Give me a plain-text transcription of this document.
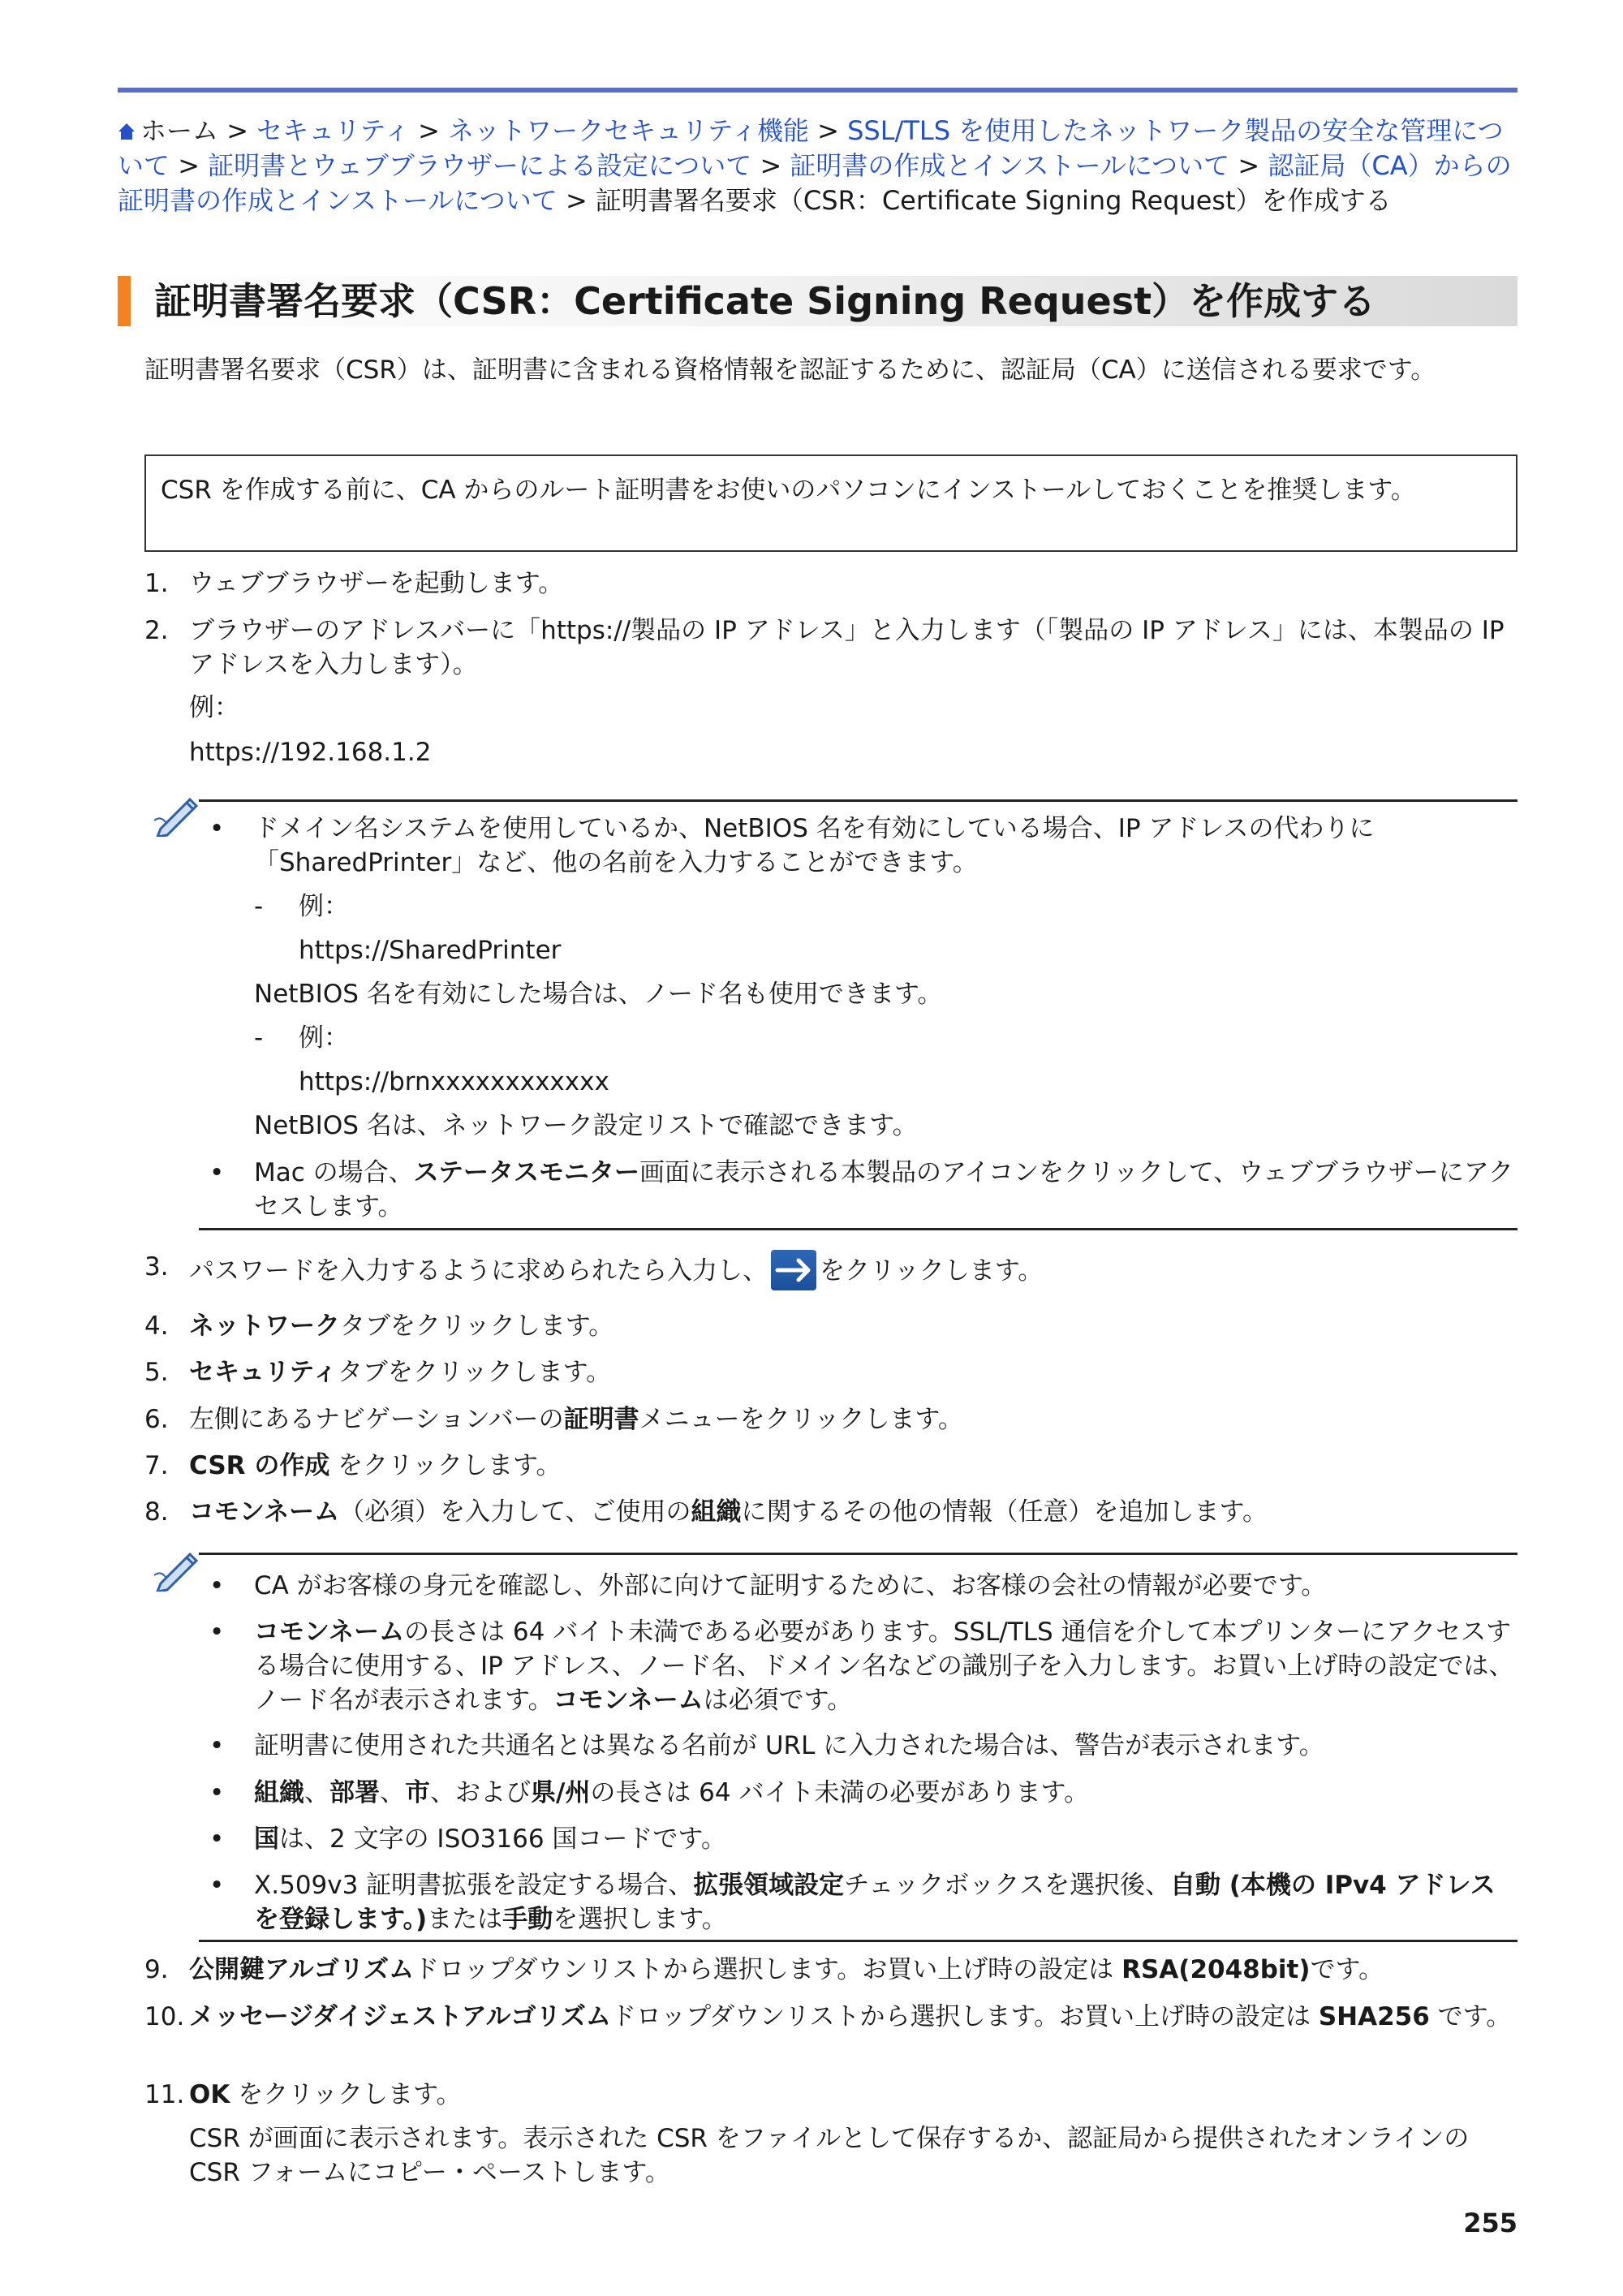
ホーム > セキュリティ > ネットワークセキュリティ機能 > SSL/TLS を使用したネットワーク製品の安全な管理について > 証明書とウェブブラウザーによる設定について > 証明書の作成とインストールについて > 認証局（CA）からの証明書の作成とインストールについて > 証明書署名要求（CSR：Certificate Signing Request）を作成する
証明書署名要求（CSR：Certificate Signing Request）を作成する
証明書署名要求（CSR）は、証明書に含まれる資格情報を認証するために、認証局（CA）に送信される要求です。
CSR を作成する前に、CA からのルート証明書をお使いのパソコンにインストールしておくことを推奨します。
1. ウェブブラウザーを起動します。
2. ブラウザーのアドレスバーに「https://製品の IP アドレス」と入力します（「製品の IP アドレス」には、本製品の IP アドレスを入力します）。
例：
https://192.168.1.2
• ドメイン名システムを使用しているか、NetBIOS 名を有効にしている場合、IP アドレスの代わりに「SharedPrinter」など、他の名前を入力することができます。
- 例：
https://SharedPrinter
NetBIOS 名を有効にした場合は、ノード名も使用できます。
- 例：
https://brnxxxxxxxxxxxx
NetBIOS 名は、ネットワーク設定リストで確認できます。
• Mac の場合、ステータスモニター画面に表示される本製品のアイコンをクリックして、ウェブブラウザーにアクセスします。
3. パスワードを入力するように求められたら入力し、 をクリックします。
4. ネットワークタブをクリックします。
5. セキュリティタブをクリックします。
6. 左側にあるナビゲーションバーの証明書メニューをクリックします。
7. CSR の作成 をクリックします。
8. コモンネーム（必須）を入力して、ご使用の組織に関するその他の情報（任意）を追加します。
• CA がお客様の身元を確認し、外部に向けて証明するために、お客様の会社の情報が必要です。
• コモンネームの長さは 64 バイト未満である必要があります。SSL/TLS 通信を介して本プリンターにアクセスする場合に使用する、IP アドレス、ノード名、ドメイン名などの識別子を入力します。お買い上げ時の設定では、ノード名が表示されます。コモンネームは必須です。
• 証明書に使用された共通名とは異なる名前が URL に入力された場合は、警告が表示されます。
• 組織、部署、市、および県/州の長さは 64 バイト未満の必要があります。
• 国は、2 文字の ISO3166 国コードです。
• X.509v3 証明書拡張を設定する場合、拡張領域設定チェックボックスを選択後、自動 (本機の IPv4 アドレスを登録します。)または手動を選択します。
9. 公開鍵アルゴリズムドロップダウンリストから選択します。お買い上げ時の設定は RSA(2048bit)です。
10. メッセージダイジェストアルゴリズムドロップダウンリストから選択します。お買い上げ時の設定は SHA256 です。
11. OK をクリックします。
CSR が画面に表示されます。表示された CSR をファイルとして保存するか、認証局から提供されたオンラインの CSR フォームにコピー・ペーストします。
255
